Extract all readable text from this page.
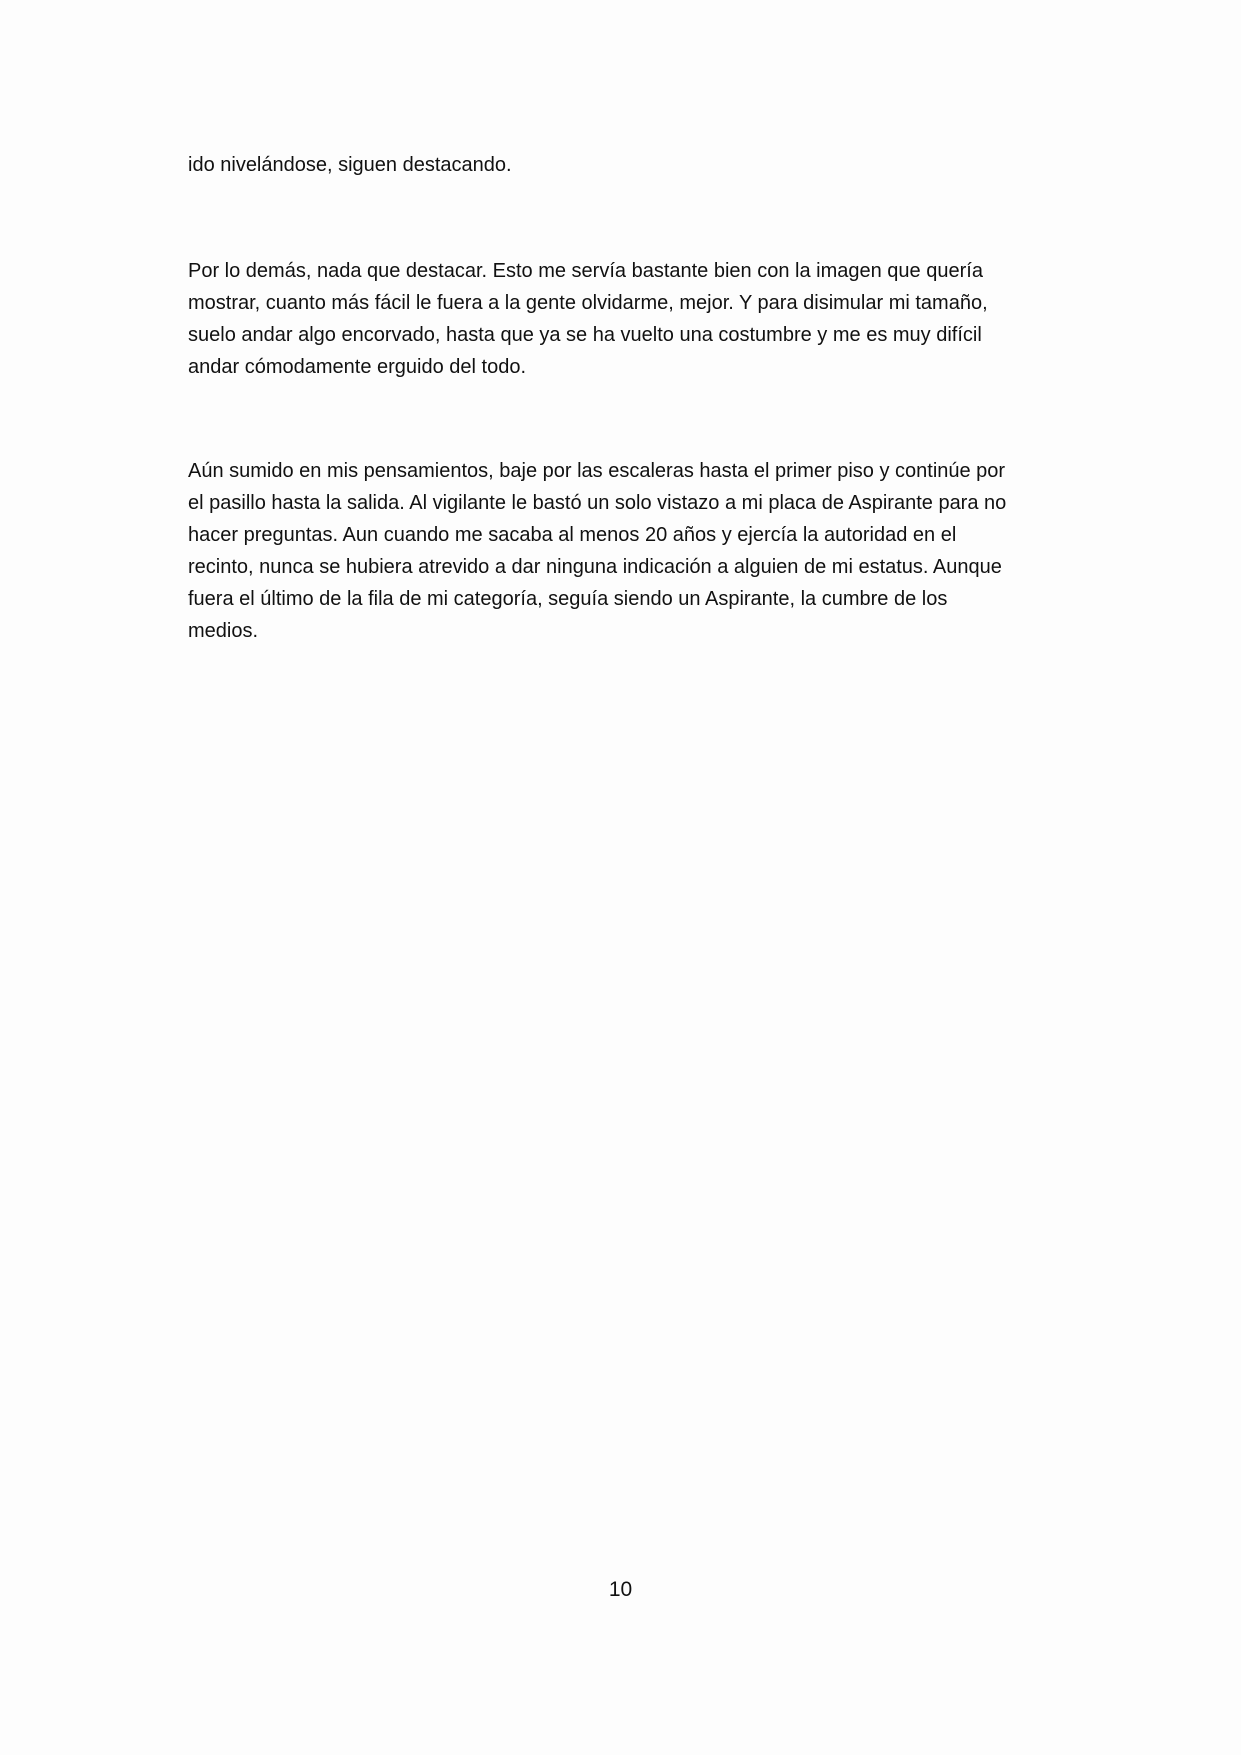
ido nivelándose, siguen destacando.

Por lo demás, nada que destacar. Esto me servía bastante bien con la imagen que quería
mostrar, cuanto más fácil le fuera a la gente olvidarme, mejor. Y para disimular mi tamaño,
suelo andar algo encorvado, hasta que ya se ha vuelto una costumbre y me es muy difícil
andar cómodamente erguido del todo.

Aún sumido en mis pensamientos, baje por las escaleras hasta el primer piso y continúe por
el pasillo hasta la salida. Al vigilante le bastó un solo vistazo a mi placa de Aspirante para no
hacer preguntas. Aun cuando me sacaba al menos 20 años y ejercía la autoridad en el
recinto, nunca se hubiera atrevido a dar ninguna indicación a alguien de mi estatus. Aunque
fuera el último de la fila de mi categoría, seguía siendo un Aspirante, la cumbre de los
medios.

10
